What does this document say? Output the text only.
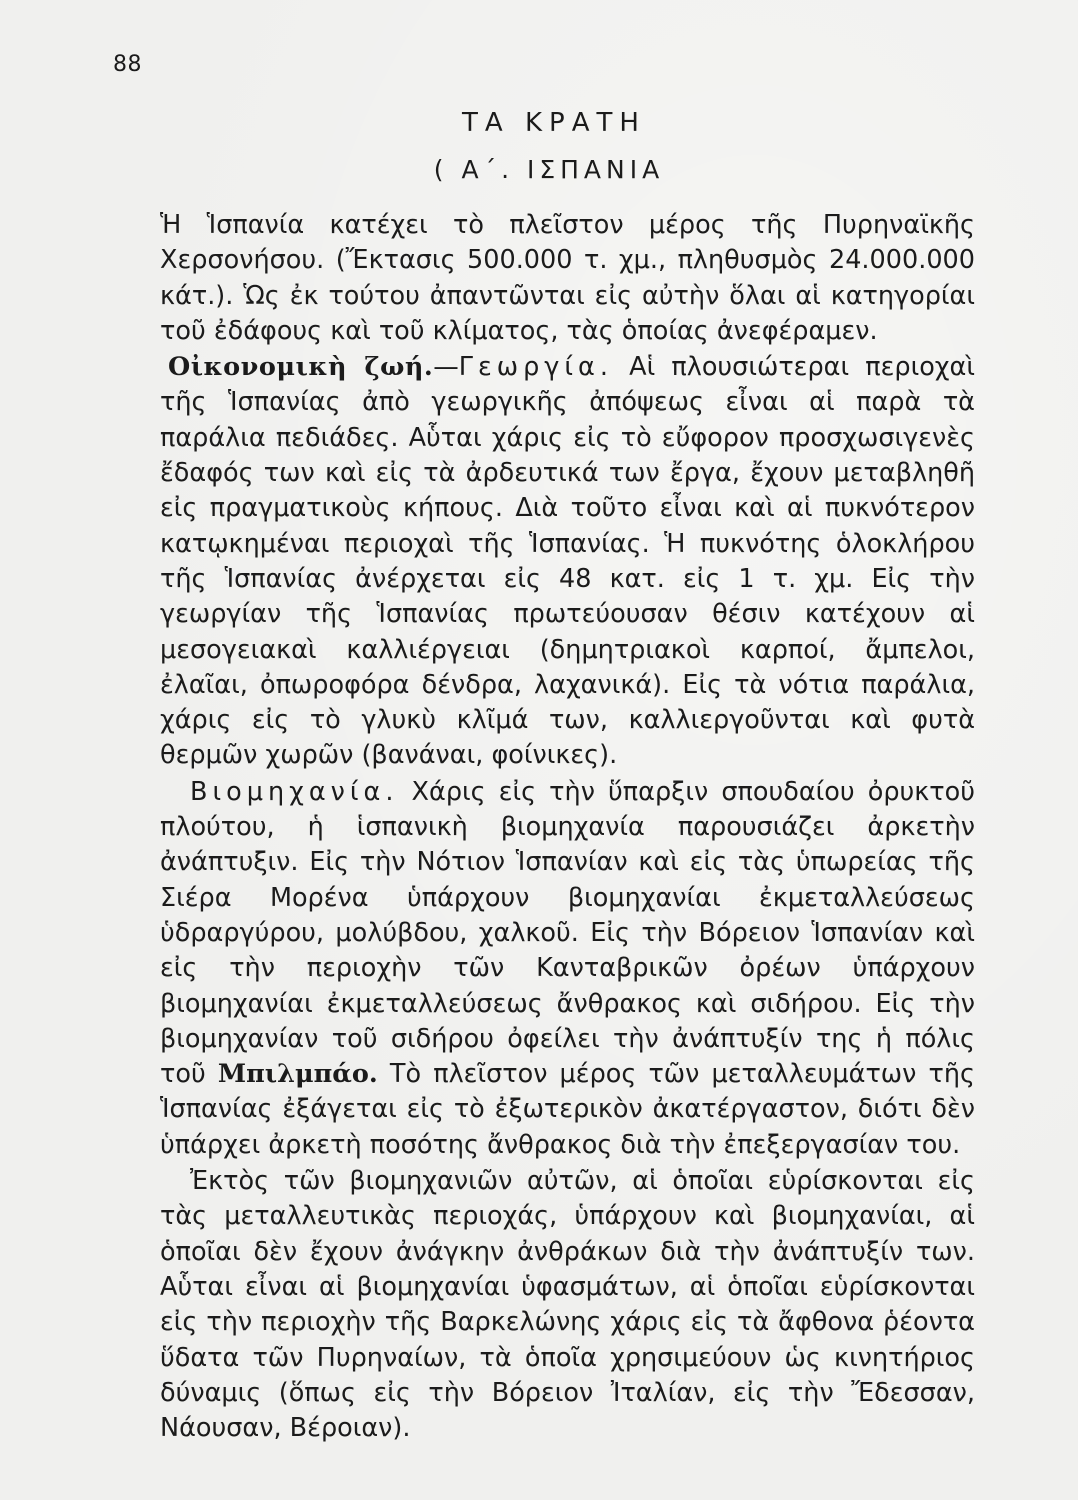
88
ΤΑ ΚΡΑΤΗ
( Α΄. ΙΣΠΑΝΙΑ

Ἡ Ἱσπανία κατέχει τὸ πλεῖστον μέρος τῆς Πυρηναϊκῆς Χερσονήσου. (Ἔκτασις 500.000 τ. χμ., πληθυσμὸς 24.000.000 κάτ.). Ὡς ἐκ τούτου ἀπαντῶνται εἰς αὐτὴν ὅλαι αἱ κατηγορίαι τοῦ ἐδάφους καὶ τοῦ κλίματος, τὰς ὁποίας ἀνεφέραμεν.

Οἰκονομικὴ ζωή.—Γεωργία. Αἱ πλουσιώτεραι περιοχαὶ τῆς Ἱσπανίας ἀπὸ γεωργικῆς ἀπόψεως εἶναι αἱ παρὰ τὰ παράλια πεδιάδες. Αὗται χάρις εἰς τὸ εὔφορον προσχωσιγενὲς ἔδαφός των καὶ εἰς τὰ ἀρδευτικά των ἔργα, ἔχουν μεταβληθῆ εἰς πραγματικοὺς κήπους. Διὰ τοῦτο εἶναι καὶ αἱ πυκνότερον κατῳκημέναι περιοχαὶ τῆς Ἱσπανίας. Ἡ πυκνότης ὁλοκλήρου τῆς Ἱσπανίας ἀνέρχεται εἰς 48 κατ. εἰς 1 τ. χμ. Εἰς τὴν γεωργίαν τῆς Ἱσπανίας πρωτεύουσαν θέσιν κατέχουν αἱ μεσογειακαὶ καλλιέργειαι (δημητριακοὶ καρποί, ἄμπελοι, ἐλαῖαι, ὀπωροφόρα δένδρα, λαχανικά). Εἰς τὰ νότια παράλια, χάρις εἰς τὸ γλυκὺ κλῖμά των, καλλιεργοῦνται καὶ φυτὰ θερμῶν χωρῶν (βανάναι, φοίνικες).

Βιομηχανία. Χάρις εἰς τὴν ὕπαρξιν σπουδαίου ὀρυκτοῦ πλούτου, ἡ ἱσπανικὴ βιομηχανία παρουσιάζει ἀρκετὴν ἀνάπτυξιν. Εἰς τὴν Νότιον Ἱσπανίαν καὶ εἰς τὰς ὑπωρείας τῆς Σιέρα Μορένα ὑπάρχουν βιομηχανίαι ἐκμεταλλεύσεως ὑδραργύρου, μολύβδου, χαλκοῦ. Εἰς τὴν Βόρειον Ἱσπανίαν καὶ εἰς τὴν περιοχὴν τῶν Κανταβρικῶν ὀρέων ὑπάρχουν βιομηχανίαι ἐκμεταλλεύσεως ἄνθρακος καὶ σιδήρου. Εἰς τὴν βιομηχανίαν τοῦ σιδήρου ὀφείλει τὴν ἀνάπτυξίν της ἡ πόλις τοῦ Μπιλμπάο. Τὸ πλεῖστον μέρος τῶν μεταλλευμάτων τῆς Ἱσπανίας ἐξάγεται εἰς τὸ ἐξωτερικὸν ἀκατέργαστον, διότι δὲν ὑπάρχει ἀρκετὴ ποσότης ἄνθρακος διὰ τὴν ἐπεξεργασίαν του.

Ἐκτὸς τῶν βιομηχανιῶν αὐτῶν, αἱ ὁποῖαι εὑρίσκονται εἰς τὰς μεταλλευτικὰς περιοχάς, ὑπάρχουν καὶ βιομηχανίαι, αἱ ὁποῖαι δὲν ἔχουν ἀνάγκην ἀνθράκων διὰ τὴν ἀνάπτυξίν των. Αὗται εἶναι αἱ βιομηχανίαι ὑφασμάτων, αἱ ὁποῖαι εὑρίσκονται εἰς τὴν περιοχὴν τῆς Βαρκελώνης χάρις εἰς τὰ ἄφθονα ῥέοντα ὕδατα τῶν Πυρηναίων, τὰ ὁποῖα χρησιμεύουν ὡς κινητήριος δύναμις (ὅπως εἰς τὴν Βόρειον Ἰταλίαν, εἰς τὴν Ἔδεσσαν, Νάουσαν, Βέροιαν).
